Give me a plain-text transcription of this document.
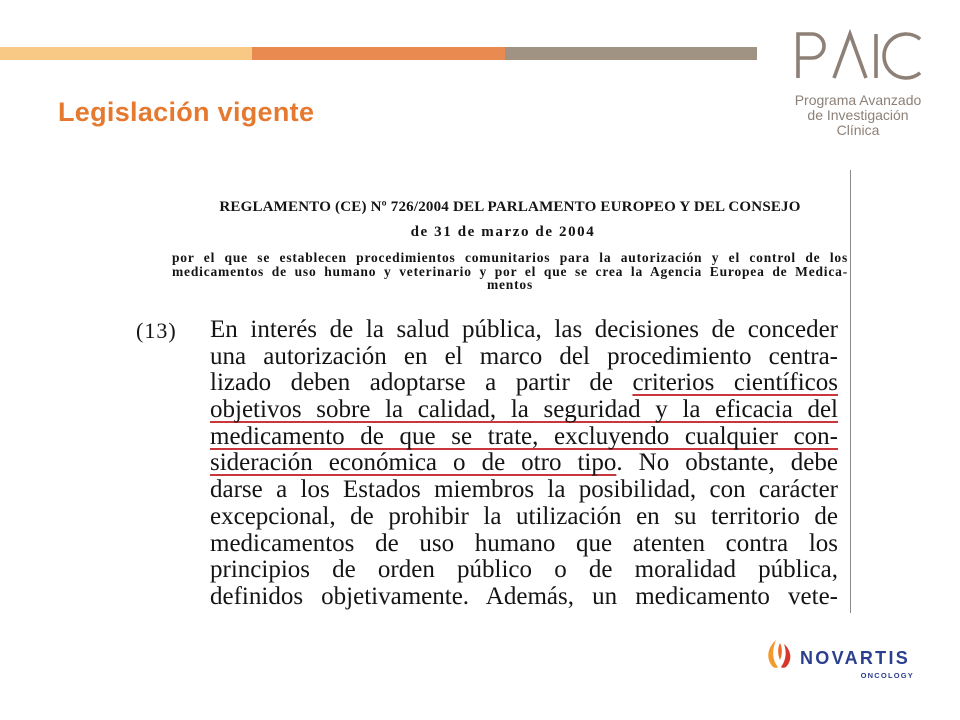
Legislación vigente	Programa Avanzado
de Investigación
Clínica
REGLAMENTO (CE) Nº 726/2004 DEL PARLAMENTO EUROPEO Y DEL CONSEJO
de 31 de marzo de 2004
por el que se establecen procedimientos comunitarios para la autorización y el control de los
medicamentos de uso humano y veterinario y por el que se crea la Agencia Europea de Medica-
mentos
(13) En interés de la salud pública, las decisiones de conceder
una autorización en el marco del procedimiento centra-
lizado deben adoptarse a partir de criterios científicos
objetivos sobre la calidad, la seguridad y la eficacia del
medicamento de que se trate, excluyendo cualquier con-
sideración económica o de otro tipo. No obstante, debe
darse a los Estados miembros la posibilidad, con carácter
excepcional, de prohibir la utilización en su territorio de
medicamentos de uso humano que atenten contra los
principios de orden público o de moralidad pública,
definidos objetivamente. Además, un medicamento vete-
NOVARTIS
ONCOLOGY
